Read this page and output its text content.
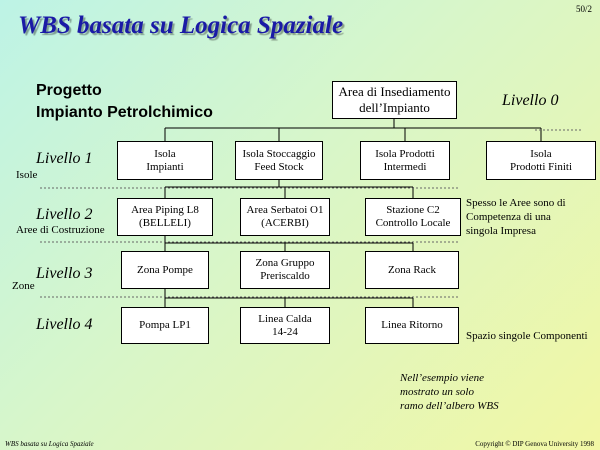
WBS basata su Logica Spaziale
50/2
Progetto
Impianto Petrolchimico
Area di Insediamento
dell’Impianto	Livello 0
Livello 1
Isole
Livello 2
Aree di Costruzione
Livello 3
Zone
Livello 4
Isola
Impianti
Isola Stoccaggio
Feed Stock
Isola Prodotti
Intermedi
Isola
Prodotti Finiti
Area Piping L8
(BELLELI)
Area Serbatoi O1
(ACERBI)
Stazione C2
Controllo Locale
Zona Pompe
Zona Gruppo
Preriscaldo
Zona Rack
Pompa LP1
Linea Calda
14-24
Linea Ritorno
Spesso le Aree sono di
Competenza di una
singola Impresa
Spazio singole Componenti
Nell’esempio viene
mostrato un solo
ramo dell’albero WBS
WBS basata su Logica Spaziale	Copyright © DIP Genova University 1998
